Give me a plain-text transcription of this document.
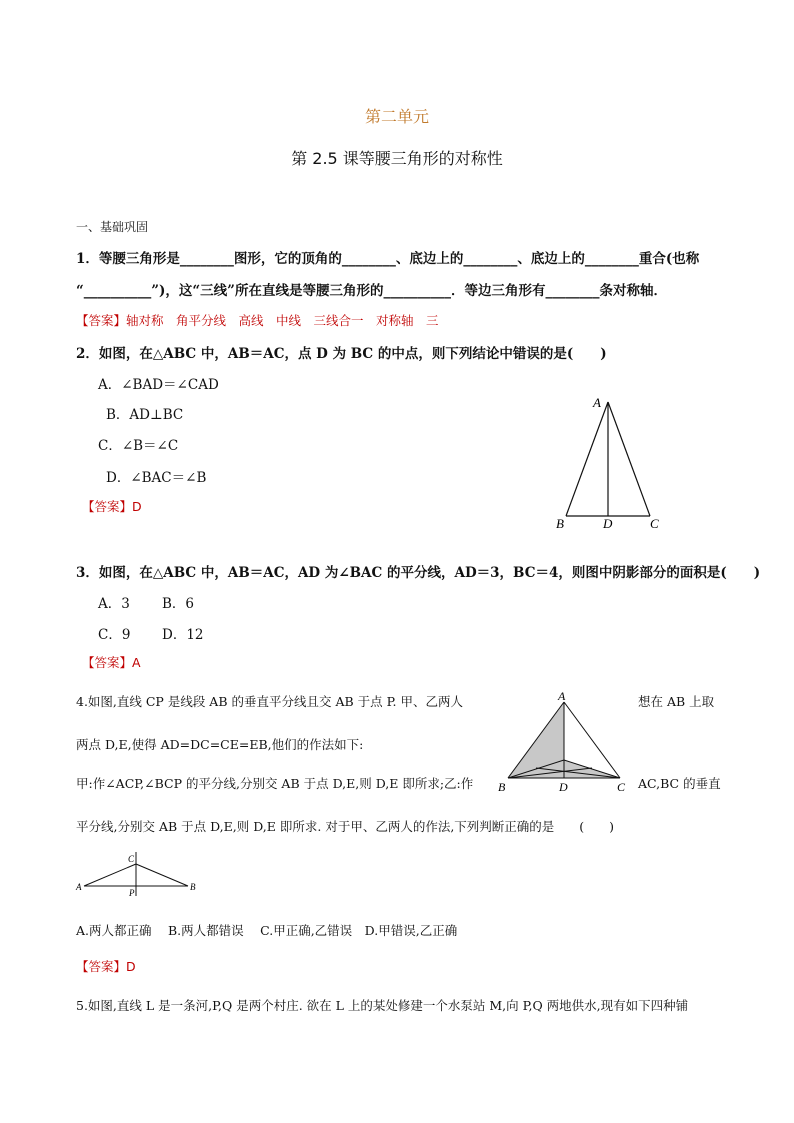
第二单元
第 2.5 课等腰三角形的对称性
一、基础巩固
1．等腰三角形是________图形，它的顶角的________、底边上的________、底边上的________重合(也称
“__________”)，这“三线”所在直线是等腰三角形的__________．等边三角形有________条对称轴．
【答案】轴对称　角平分线　高线　中线　三线合一　对称轴　三
2．如图，在△ABC 中，AB＝AC，点 D 为 BC 的中点，则下列结论中错误的是(　　)
A．∠BAD＝∠CAD
B．AD⊥BC
C．∠B＝∠C
D．∠BAC＝∠B
【答案】D
A
B	D	C
3．如图，在△ABC 中，AB＝AC，AD 为∠BAC 的平分线，AD＝3，BC＝4，则图中阴影部分的面积是(　　)
A．3 B．6
C．9 D．12
【答案】A
4.如图,直线 CP 是线段 AB 的垂直平分线且交 AB 于点 P. 甲、乙两人	想在 AB 上取
两点 D,E,使得 AD=DC=CE=EB,他们的作法如下:
甲:作∠ACP,∠BCP 的平分线,分别交 AB 于点 D,E,则 D,E 即所求;乙:作	AC,BC 的垂直
平分线,分别交 AB 于点 D,E,则 D,E 即所求. 对于甲、乙两人的作法,下列判断正确的是　　(　　)
A
B	D	C
C
A	B
P
A.两人都正确　 B.两人都错误　 C.甲正确,乙错误　D.甲错误,乙正确
【答案】D
5.如图,直线 L 是一条河,P,Q 是两个村庄. 欲在 L 上的某处修建一个水泵站 M,向 P,Q 两地供水,现有如下四种铺
